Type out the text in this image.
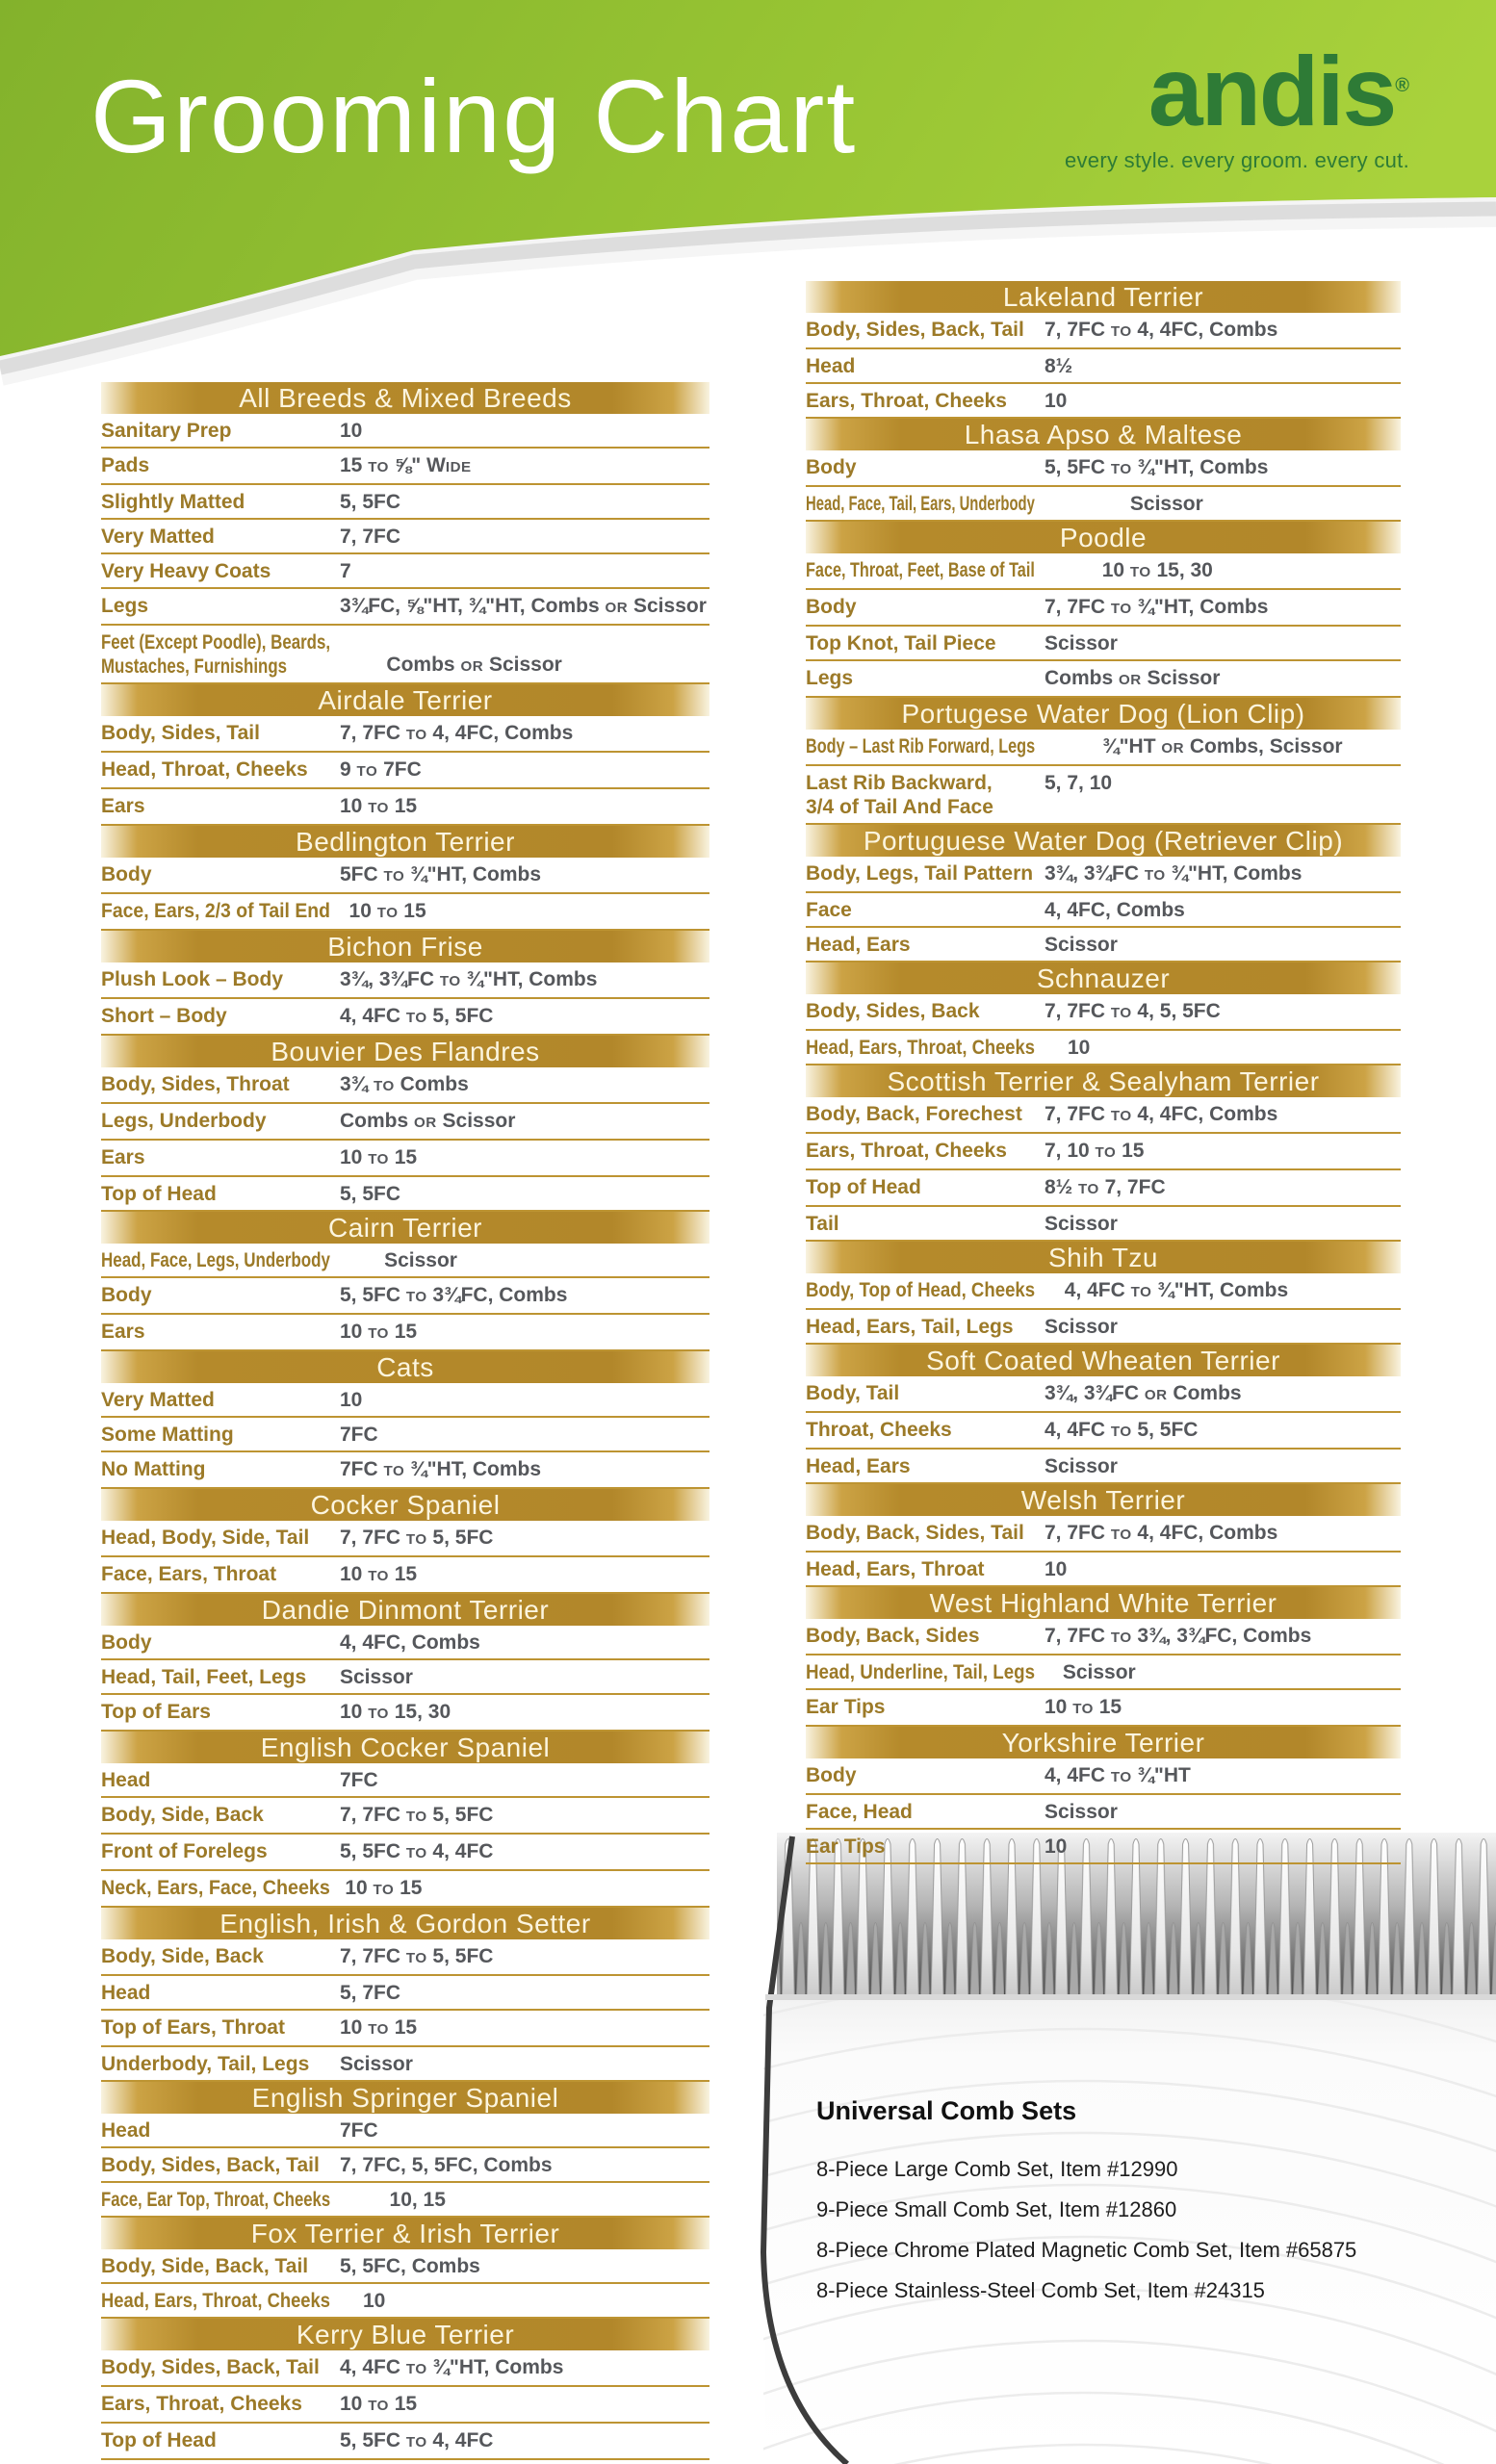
Grooming Chart	andis®
every style. every groom. every cut.
Universal Comb Sets
8-Piece Large Comb Set, Item #12990
9-Piece Small Comb Set, Item #12860
8-Piece Chrome Plated Magnetic Comb Set, Item #65875
8-Piece Stainless-Steel Comb Set, Item #24315
All Breeds & Mixed Breeds
Sanitary Prep	10
Pads	15 TO ⅝" WIDE
Slightly Matted	5, 5FC
Very Matted	7, 7FC
Very Heavy Coats	7
Legs	3¾FC, ⅝"HT, ¾"HT, Combs OR Scissor
Feet (Except Poodle), Beards,
Mustaches, Furnishings	Combs OR Scissor
Airdale Terrier
Body, Sides, Tail	7, 7FC TO 4, 4FC, Combs
Head, Throat, Cheeks	9 TO 7FC
Ears	10 TO 15
Bedlington Terrier
Body	5FC TO ¾"HT, Combs
Face, Ears, 2/3 of Tail End 10 TO 15
Bichon Frise
Plush Look – Body	3¾, 3¾FC TO ¾"HT, Combs
Short – Body	4, 4FC TO 5, 5FC
Bouvier Des Flandres
Body, Sides, Throat	3¾ TO Combs
Legs, Underbody	Combs OR Scissor
Ears	10 TO 15
Top of Head	5, 5FC
Cairn Terrier
Head, Face, Legs, Underbody	Scissor
Body	5, 5FC TO 3¾FC, Combs
Ears	10 TO 15
Cats
Very Matted	10
Some Matting	7FC
No Matting	7FC TO ¾"HT, Combs
Cocker Spaniel
Head, Body, Side, Tail	7, 7FC TO 5, 5FC
Face, Ears, Throat	10 TO 15
Dandie Dinmont Terrier
Body	4, 4FC, Combs
Head, Tail, Feet, Legs	Scissor
Top of Ears	10 TO 15, 30
English Cocker Spaniel
Head	7FC
Body, Side, Back	7, 7FC TO 5, 5FC
Front of Forelegs	5, 5FC TO 4, 4FC
Neck, Ears, Face, Cheeks 10 TO 15
English, Irish & Gordon Setter
Body, Side, Back	7, 7FC TO 5, 5FC
Head	5, 7FC
Top of Ears, Throat	10 TO 15
Underbody, Tail, Legs	Scissor
English Springer Spaniel
Head	7FC
Body, Sides, Back, Tail	7, 7FC, 5, 5FC, Combs
Face, Ear Top, Throat, Cheeks	10, 15
Fox Terrier & Irish Terrier
Body, Side, Back, Tail	5, 5FC, Combs
Head, Ears, Throat, Cheeks	10
Kerry Blue Terrier
Body, Sides, Back, Tail	4, 4FC TO ¾"HT, Combs
Ears, Throat, Cheeks	10 TO 15
Top of Head	5, 5FC TO 4, 4FC
Lakeland Terrier
Body, Sides, Back, Tail	7, 7FC TO 4, 4FC, Combs
Head	8½
Ears, Throat, Cheeks	10
Lhasa Apso & Maltese
Body	5, 5FC TO ¾"HT, Combs
Head, Face, Tail, Ears, Underbody	Scissor
Poodle
Face, Throat, Feet, Base of Tail	10 TO 15, 30
Body	7, 7FC TO ¾"HT, Combs
Top Knot, Tail Piece	Scissor
Legs	Combs OR Scissor
Portugese Water Dog (Lion Clip)
Body – Last Rib Forward, Legs	¾"HT OR Combs, Scissor
Last Rib Backward,
3/4 of Tail And Face
5, 7, 10
Portuguese Water Dog (Retriever Clip)
Body, Legs, Tail Pattern 3¾, 3¾FC TO ¾"HT, Combs
Face	4, 4FC, Combs
Head, Ears	Scissor
Schnauzer
Body, Sides, Back	7, 7FC TO 4, 5, 5FC
Head, Ears, Throat, Cheeks	10
Scottish Terrier & Sealyham Terrier
Body, Back, Forechest	7, 7FC TO 4, 4FC, Combs
Ears, Throat, Cheeks	7, 10 TO 15
Top of Head	8½ TO 7, 7FC
Tail	Scissor
Shih Tzu
Body, Top of Head, Cheeks	4, 4FC TO ¾"HT, Combs
Head, Ears, Tail, Legs	Scissor
Soft Coated Wheaten Terrier
Body, Tail	3¾, 3¾FC OR Combs
Throat, Cheeks	4, 4FC TO 5, 5FC
Head, Ears	Scissor
Welsh Terrier
Body, Back, Sides, Tail	7, 7FC TO 4, 4FC, Combs
Head, Ears, Throat	10
West Highland White Terrier
Body, Back, Sides	7, 7FC TO 3¾, 3¾FC, Combs
Head, Underline, Tail, Legs	Scissor
Ear Tips	10 TO 15
Yorkshire Terrier
Body	4, 4FC TO ¾"HT
Face, Head	Scissor
Ear Tips	10
